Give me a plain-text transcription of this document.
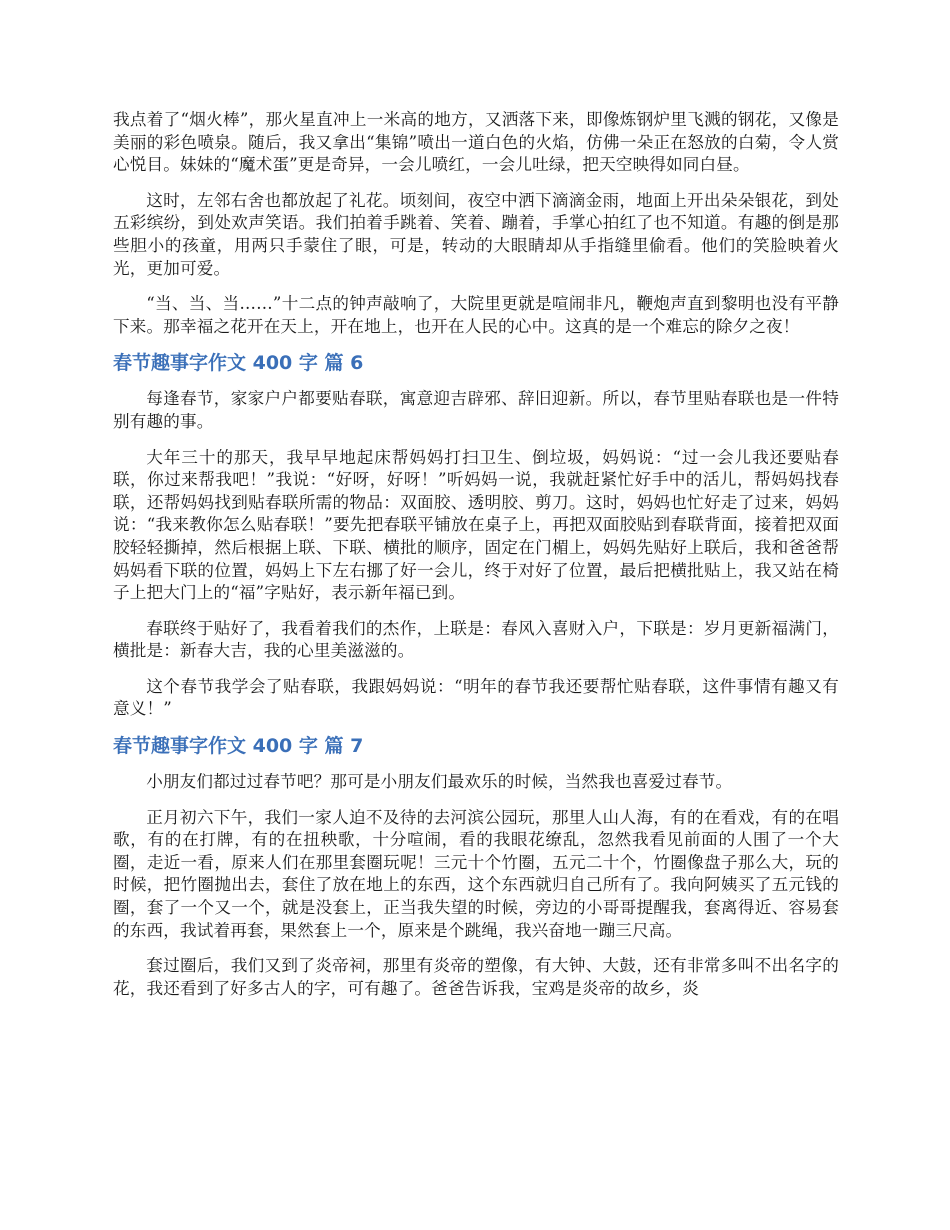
我点着了“烟火棒”，那火星直冲上一米高的地方，又洒落下来，即像炼钢炉里飞溅的钢花，又像是美丽的彩色喷泉。随后，我又拿出“集锦”喷出一道白色的火焰，仿佛一朵正在怒放的白菊，令人赏心悦目。妹妹的“魔术蛋”更是奇异，一会儿喷红，一会儿吐绿，把天空映得如同白昼。

这时，左邻右舍也都放起了礼花。顷刻间，夜空中洒下滴滴金雨，地面上开出朵朵银花，到处五彩缤纷，到处欢声笑语。我们拍着手跳着、笑着、蹦着，手掌心拍红了也不知道。有趣的倒是那些胆小的孩童，用两只手蒙住了眼，可是，转动的大眼睛却从手指缝里偷看。他们的笑脸映着火光，更加可爱。

“当、当、当……”十二点的钟声敲响了，大院里更就是喧闹非凡，鞭炮声直到黎明也没有平静下来。那幸福之花开在天上，开在地上，也开在人民的心中。这真的是一个难忘的除夕之夜！

春节趣事字作文 400 字 篇 6

每逢春节，家家户户都要贴春联，寓意迎吉辟邪、辞旧迎新。所以，春节里贴春联也是一件特别有趣的事。

大年三十的那天，我早早地起床帮妈妈打扫卫生、倒垃圾，妈妈说：“过一会儿我还要贴春联，你过来帮我吧！”我说：“好呀，好呀！”听妈妈一说，我就赶紧忙好手中的活儿，帮妈妈找春联，还帮妈妈找到贴春联所需的物品：双面胶、透明胶、剪刀。这时，妈妈也忙好走了过来，妈妈说：“我来教你怎么贴春联！”要先把春联平铺放在桌子上，再把双面胶贴到春联背面，接着把双面胶轻轻撕掉，然后根据上联、下联、横批的顺序，固定在门楣上，妈妈先贴好上联后，我和爸爸帮妈妈看下联的位置，妈妈上下左右挪了好一会儿，终于对好了位置，最后把横批贴上，我又站在椅子上把大门上的“福”字贴好，表示新年福已到。

春联终于贴好了，我看着我们的杰作，上联是：春风入喜财入户，下联是：岁月更新福满门，横批是：新春大吉，我的心里美滋滋的。

这个春节我学会了贴春联，我跟妈妈说：“明年的春节我还要帮忙贴春联，这件事情有趣又有意义！”

春节趣事字作文 400 字 篇 7

小朋友们都过过春节吧？那可是小朋友们最欢乐的时候，当然我也喜爱过春节。

正月初六下午，我们一家人迫不及待的去河滨公园玩，那里人山人海，有的在看戏，有的在唱歌，有的在打牌，有的在扭秧歌，十分喧闹，看的我眼花缭乱，忽然我看见前面的人围了一个大圈，走近一看，原来人们在那里套圈玩呢！三元十个竹圈，五元二十个，竹圈像盘子那么大，玩的时候，把竹圈抛出去，套住了放在地上的东西，这个东西就归自己所有了。我向阿姨买了五元钱的圈，套了一个又一个，就是没套上，正当我失望的时候，旁边的小哥哥提醒我，套离得近、容易套的东西，我试着再套，果然套上一个，原来是个跳绳，我兴奋地一蹦三尺高。

套过圈后，我们又到了炎帝祠，那里有炎帝的塑像，有大钟、大鼓，还有非常多叫不出名字的花，我还看到了好多古人的字，可有趣了。爸爸告诉我，宝鸡是炎帝的故乡，炎
